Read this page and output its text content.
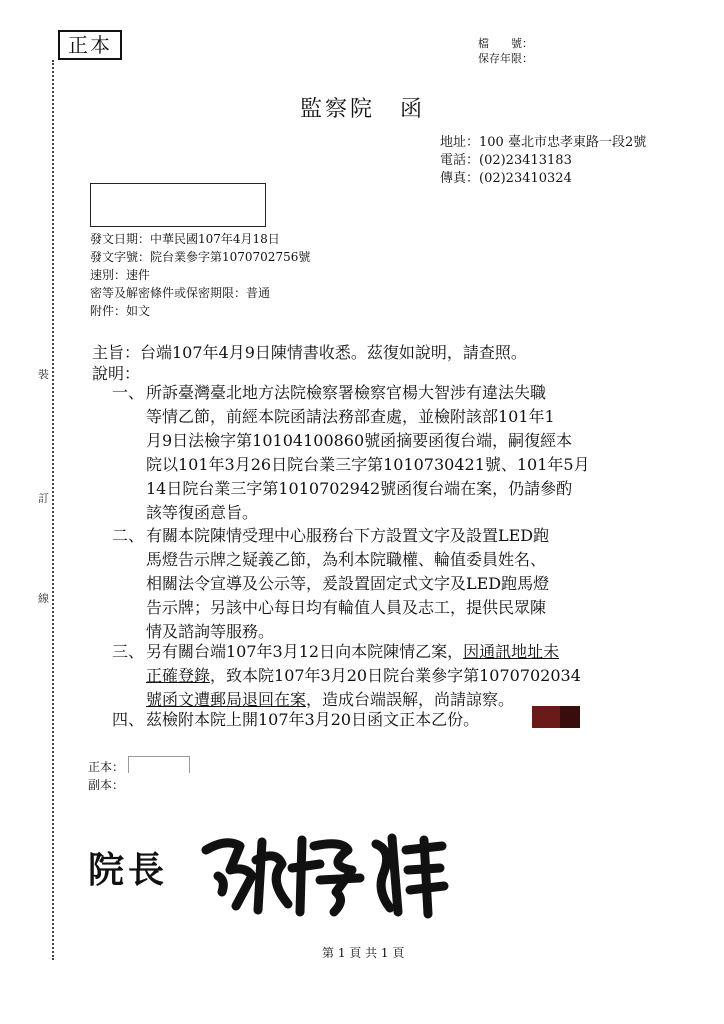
裝
訂
線
正本	檔　　號：
保存年限：
監察院　函
地址：100 臺北市忠孝東路一段2號
電話：(02)23413183
傳真：(02)23410324
發文日期：中華民國107年4月18日
發文字號：院台業參字第1070702756號
速別：速件
密等及解密條件或保密期限：普通
附件：如文
主旨：台端107年4月9日陳情書收悉。茲復如說明，請查照。
說明：
一、 所訴臺灣臺北地方法院檢察署檢察官楊大智涉有違法失職
等情乙節，前經本院函請法務部查處，並檢附該部101年1
月9日法檢字第10104100860號函摘要函復台端，嗣復經本
院以101年3月26日院台業三字第1010730421號、101年5月
14日院台業三字第1010702942號函復台端在案，仍請參酌
該等復函意旨。
二、 有關本院陳情受理中心服務台下方設置文字及設置LED跑
馬燈告示牌之疑義乙節，為利本院職權、輪值委員姓名、
相關法令宣導及公示等，爰設置固定式文字及LED跑馬燈
告示牌；另該中心每日均有輪值人員及志工，提供民眾陳
情及諮詢等服務。
三、 另有關台端107年3月12日向本院陳情乙案，因通訊地址未
正確登錄，致本院107年3月20日院台業參字第1070702034
號函文遭郵局退回在案，造成台端誤解，尚請諒察。
四、 茲檢附本院上開107年3月20日函文正本乙份。
正本：
副本：
院長
第 1 頁 共 1 頁
